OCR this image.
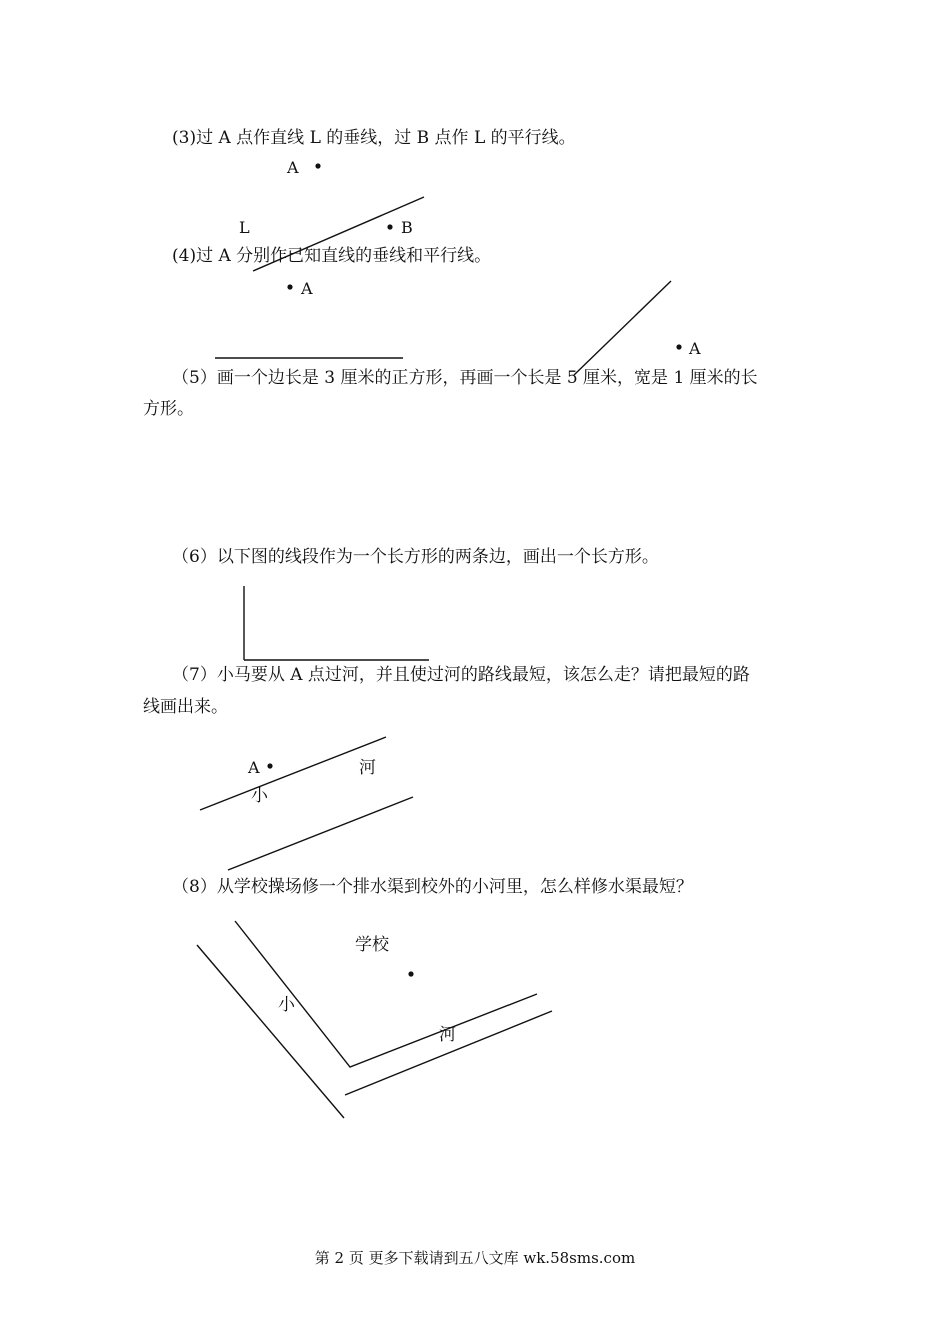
(3)过 A 点作直线 L 的垂线，过 B 点作 L 的平行线。
A
L	B
(4)过 A 分别作已知直线的垂线和平行线。
A
A
（5）画一个边长是 3 厘米的正方形，再画一个长是 5 厘米，宽是 1 厘米的长
方形。
（6）以下图的线段作为一个长方形的两条边，画出一个长方形。
（7）小马要从 A 点过河，并且使过河的路线最短，该怎么走？请把最短的路
线画出来。
A	河
小
（8）从学校操场修一个排水渠到校外的小河里，怎么样修水渠最短？
学校
小
河
第 2 页 更多下载请到五八文库 wk.58sms.com
